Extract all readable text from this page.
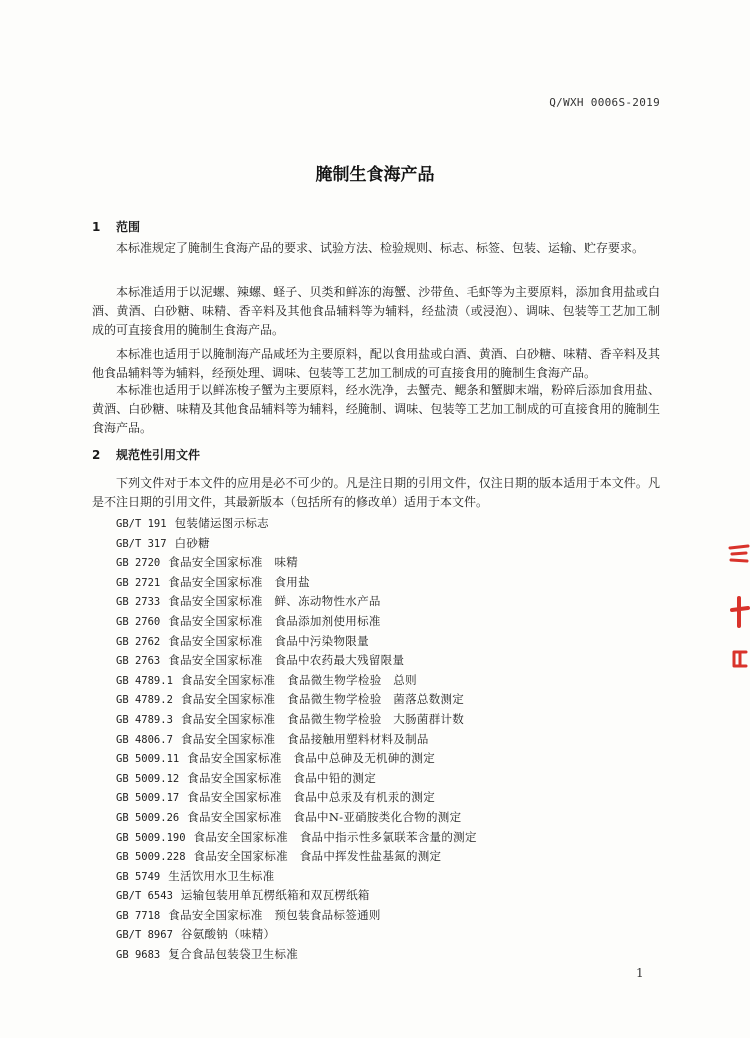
Q/WXH 0006S-2019
腌制生食海产品
1 范围
本标准规定了腌制生食海产品的要求、试验方法、检验规则、标志、标签、包装、运输、贮存要求。
本标准适用于以泥螺、辣螺、蛏子、贝类和鲜冻的海蟹、沙带鱼、毛虾等为主要原料，添加食用盐或白酒、黄酒、白砂糖、味精、香辛料及其他食品辅料等为辅料，经盐渍（或浸泡）、调味、包装等工艺加工制成的可直接食用的腌制生食海产品。
本标准也适用于以腌制海产品咸坯为主要原料，配以食用盐或白酒、黄酒、白砂糖、味精、香辛料及其他食品辅料等为辅料，经预处理、调味、包装等工艺加工制成的可直接食用的腌制生食海产品。
本标准也适用于以鲜冻梭子蟹为主要原料，经水洗净，去蟹壳、鳃条和蟹脚末端，粉碎后添加食用盐、黄酒、白砂糖、味精及其他食品辅料等为辅料，经腌制、调味、包装等工艺加工制成的可直接食用的腌制生食海产品。
2 规范性引用文件
下列文件对于本文件的应用是必不可少的。凡是注日期的引用文件，仅注日期的版本适用于本文件。凡是不注日期的引用文件，其最新版本（包括所有的修改单）适用于本文件。
GB/T 191 包装储运图示标志
GB/T 317 白砂糖
GB 2720 食品安全国家标准　味精
GB 2721 食品安全国家标准　食用盐
GB 2733 食品安全国家标准　鲜、冻动物性水产品
GB 2760 食品安全国家标准　食品添加剂使用标准
GB 2762 食品安全国家标准　食品中污染物限量
GB 2763 食品安全国家标准　食品中农药最大残留限量
GB 4789.1 食品安全国家标准　食品微生物学检验　总则
GB 4789.2 食品安全国家标准　食品微生物学检验　菌落总数测定
GB 4789.3 食品安全国家标准　食品微生物学检验　大肠菌群计数
GB 4806.7 食品安全国家标准　食品接触用塑料材料及制品
GB 5009.11 食品安全国家标准　食品中总砷及无机砷的测定
GB 5009.12 食品安全国家标准　食品中铅的测定
GB 5009.17 食品安全国家标准　食品中总汞及有机汞的测定
GB 5009.26 食品安全国家标准　食品中N-亚硝胺类化合物的测定
GB 5009.190 食品安全国家标准　食品中指示性多氯联苯含量的测定
GB 5009.228 食品安全国家标准　食品中挥发性盐基氮的测定
GB 5749 生活饮用水卫生标准
GB/T 6543 运输包装用单瓦楞纸箱和双瓦楞纸箱
GB 7718 食品安全国家标准　预包装食品标签通则
GB/T 8967 谷氨酸钠（味精）
GB 9683 复合食品包装袋卫生标准
1
